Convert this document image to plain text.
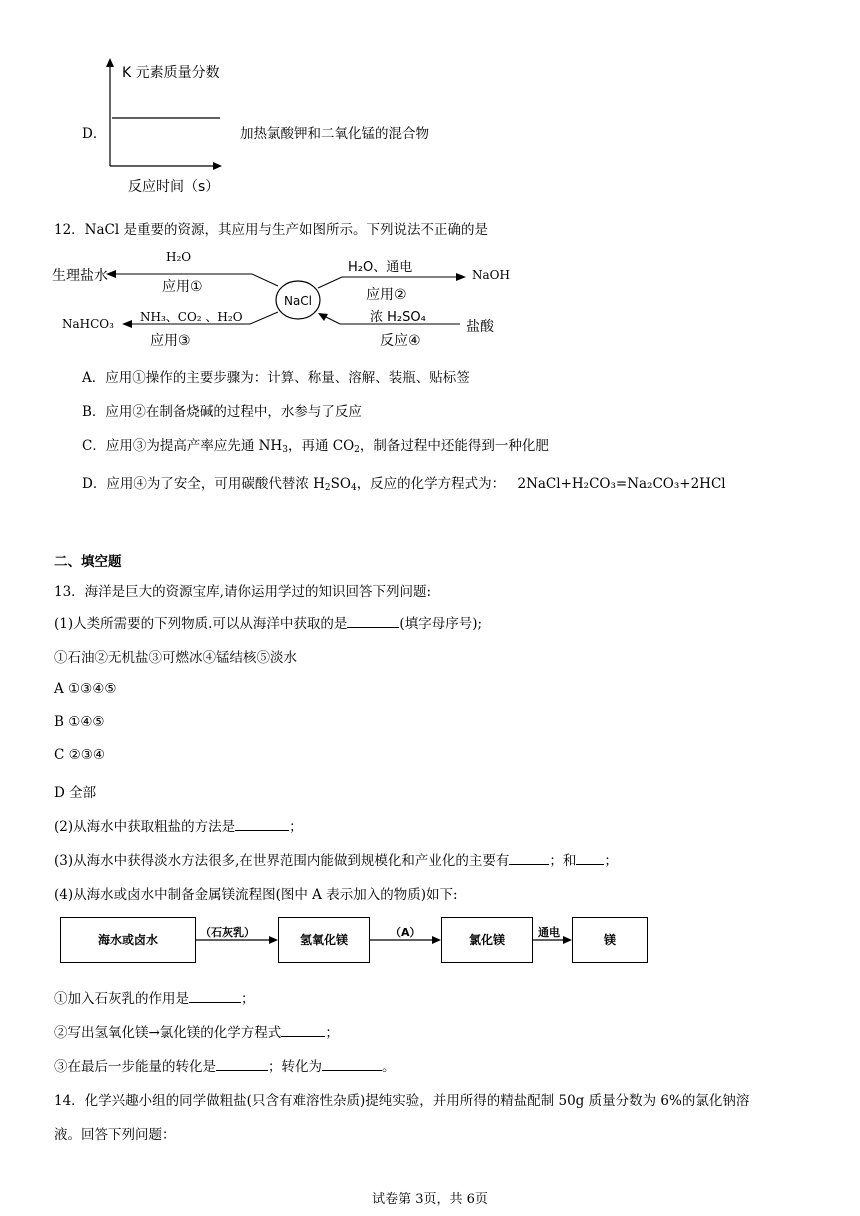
D．
K 元素质量分数
反应时间（s）
加热氯酸钾和二氧化锰的混合物
12．NaCl 是重要的资源，其应用与生产如图所示。下列说法不正确的是
NaCl
生理盐水
H₂O
应用①
NaHCO₃ NH₃、CO₂ 、H₂O
应用③
H₂O、通电
应用②
NaOH
浓 H₂SO₄
反应④
盐酸
A．应用①操作的主要步骤为：计算、称量、溶解、装瓶、贴标签
B．应用②在制备烧碱的过程中，水参与了反应
C．应用③为提高产率应先通 $NH_3$，再通 $CO_2$，制备过程中还能得到一种化肥
D．应用④为了安全，可用碳酸代替浓 $H_2SO_4$，反应的化学方程式为： 2NaCl+H₂CO₃=Na₂CO₃+2HCl
二、填空题
13．海洋是巨大的资源宝库,请你运用学过的知识回答下列问题:
(1)人类所需要的下列物质.可以从海洋中获取的是	(填字母序号);
①石油②无机盐③可燃冰④锰结核⑤淡水
A ①③④⑤
B ①④⑤
C ②③④
D 全部
(2)从海水中获取粗盐的方法是	；
(3)从海水中获得淡水方法很多,在世界范围内能做到规模化和产业化的主要有	；和 ；
(4)从海水或卤水中制备金属镁流程图(图中 A 表示加入的物质)如下:
海水或卤水	氢氧化镁	氯化镁	镁
（石灰乳）	（A）	通电
①加入石灰乳的作用是	；
②写出氢氧化镁→氯化镁的化学方程式	；
③在最后一步能量的转化是	；转化为	。
14．化学兴趣小组的同学做粗盐(只含有难溶性杂质)提纯实验，并用所得的精盐配制 50g 质量分数为 6%的氯化钠溶
液。回答下列问题：
试卷第 3页，共 6页
